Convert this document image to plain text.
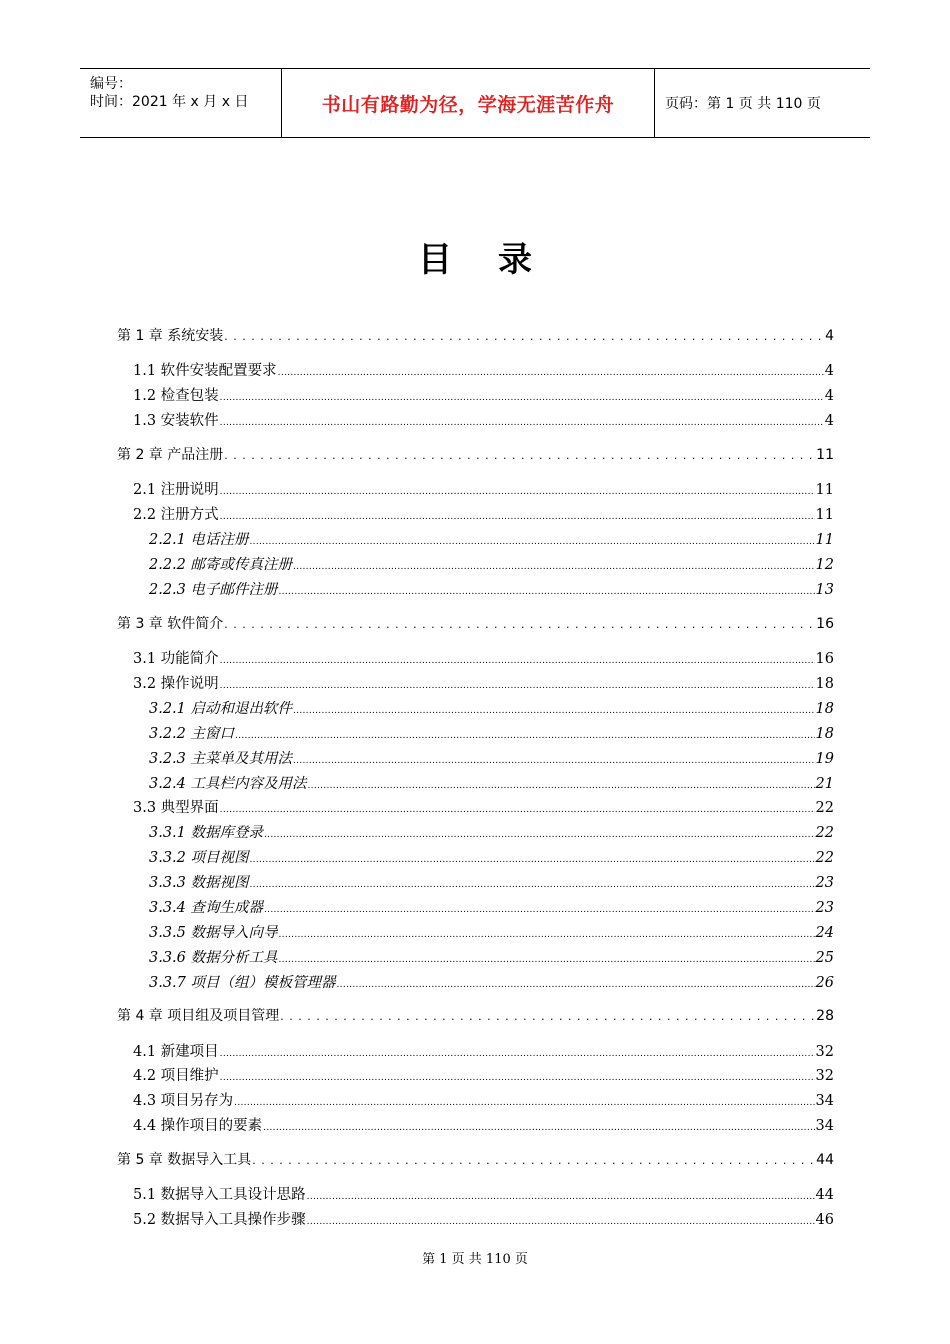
编号：
时间：2021 年 x 月 x 日	书山有路勤为径，学海无涯苦作舟	页码：第 1 页 共 110 页
目录
第 1 章 系统安装 . . .	4
1.1 软件安装配置要求 .....	4
1.2 检查包装 .....	4
1.3 安装软件 .....	4
第 2 章 产品注册 . . .	11
2.1 注册说明 .....	11
2.2 注册方式 .....	11
2.2.1 电话注册 .....	11
2.2.2 邮寄或传真注册 .....	12
2.2.3 电子邮件注册 .....	13
第 3 章 软件简介 . . .	16
3.1 功能简介 .....	16
3.2 操作说明 .....	18
3.2.1 启动和退出软件 .....	18
3.2.2 主窗口 .....	18
3.2.3 主菜单及其用法 .....	19
3.2.4 工具栏内容及用法 .....	21
3.3 典型界面 .....	22
3.3.1 数据库登录 .....	22
3.3.2 项目视图 .....	22
3.3.3 数据视图 .....	23
3.3.4 查询生成器 .....	23
3.3.5 数据导入向导 .....	24
3.3.6 数据分析工具 .....	25
3.3.7 项目（组）模板管理器 .....	26
第 4 章 项目组及项目管理 . . .	28
4.1 新建项目 .....	32
4.2 项目维护 .....	32
4.3 项目另存为 .....	34
4.4 操作项目的要素 .....	34
第 5 章 数据导入工具 . . .	44
5.1 数据导入工具设计思路 .....	44
5.2 数据导入工具操作步骤 .....	46
第 1 页 共 110 页
